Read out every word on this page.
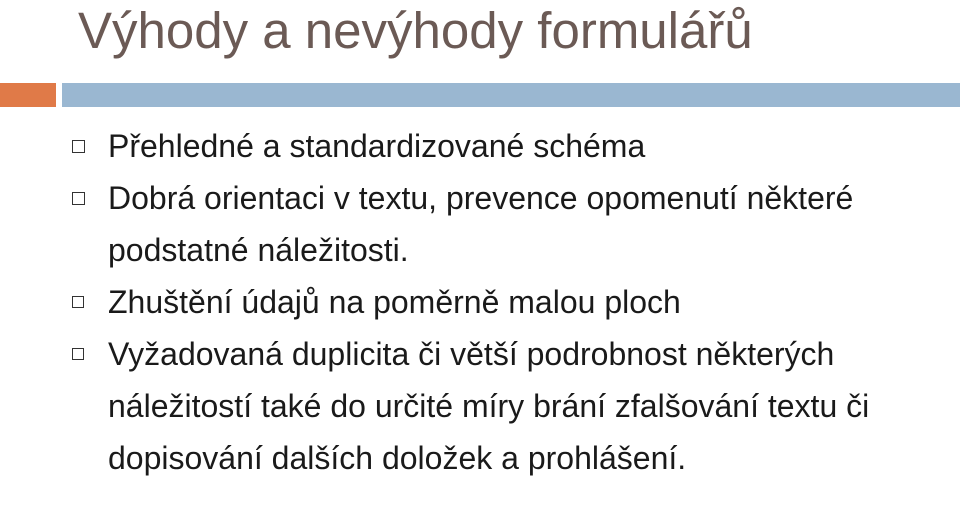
Výhody a nevýhody formulářů
Přehledné a standardizované schéma
Dobrá orientaci v textu, prevence opomenutí některé podstatné náležitosti.
Zhuštění údajů na poměrně malou ploch
Vyžadovaná duplicita či větší podrobnost některých náležitostí také do určité míry brání zfalšování textu či dopisování dalších doložek a prohlášení.
